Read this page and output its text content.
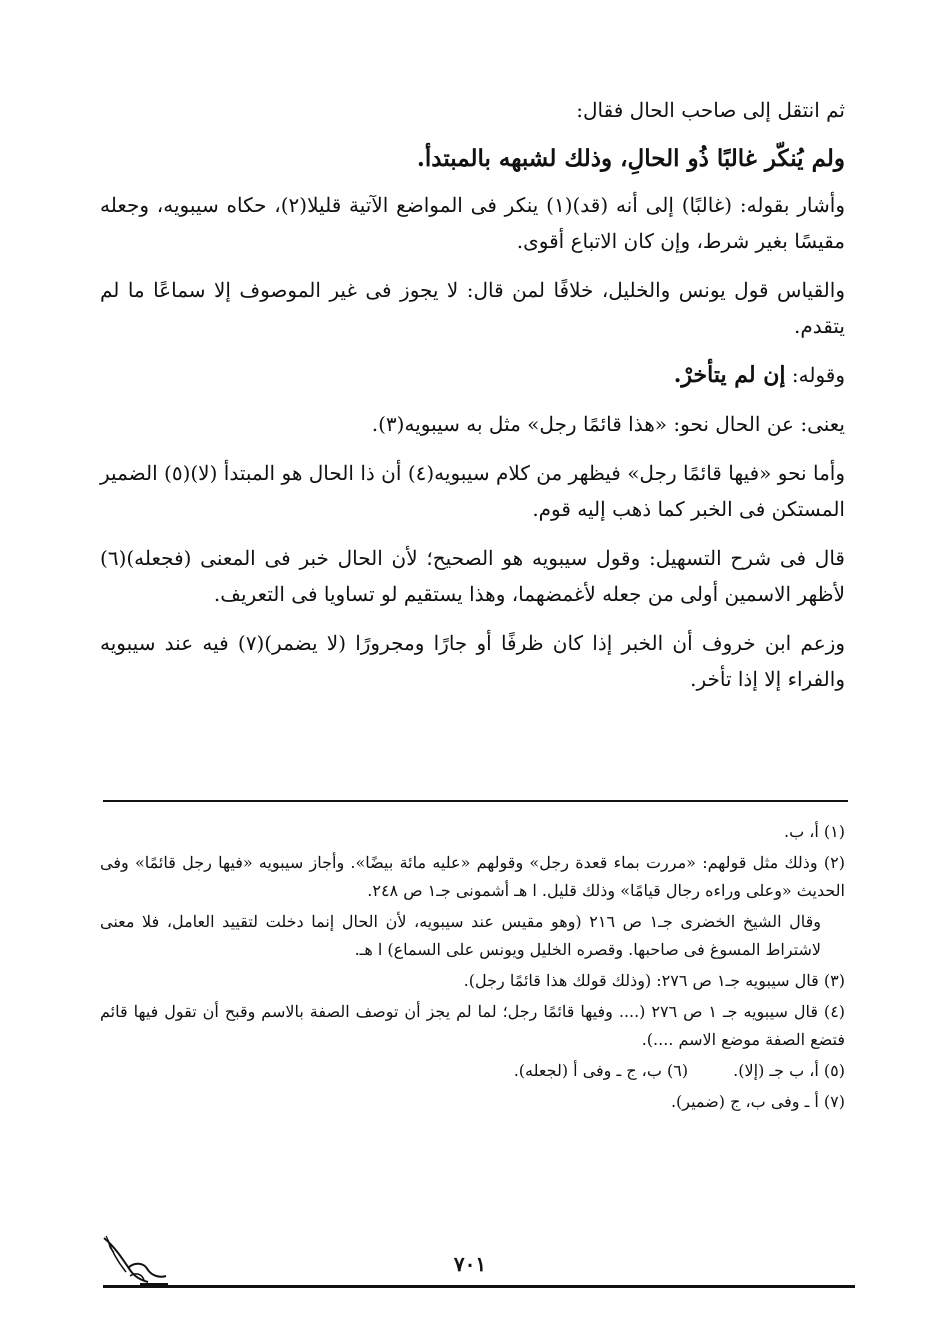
ثم انتقل إلى صاحب الحال فقال:

ولم يُنكّر غالبًا ذُو الحالِ، وذلك لشبهه بالمبتدأ.

وأشار بقوله: (غالبًا) إلى أنه (قد)(١) ينكر فى المواضع الآتية قليلا(٢)، حكاه سيبويه، وجعله مقيسًا بغير شرط، وإن كان الاتباع أقوى.

والقياس قول يونس والخليل، خلافًا لمن قال: لا يجوز فى غير الموصوف إلا سماعًا ما لم يتقدم.

وقوله: إن لم يتأخرْ.

يعنى: عن الحال نحو: «هذا قائمًا رجل» مثل به سيبويه(٣).

وأما نحو «فيها قائمًا رجل» فيظهر من كلام سيبويه(٤) أن ذا الحال هو المبتدأ (لا)(٥) الضمير المستكن فى الخبر كما ذهب إليه قوم.

قال فى شرح التسهيل: وقول سيبويه هو الصحيح؛ لأن الحال خبر فى المعنى (فجعله)(٦) لأظهر الاسمين أولى من جعله لأغمضهما، وهذا يستقيم لو تساويا فى التعريف.

وزعم ابن خروف أن الخبر إذا كان ظرفًا أو جارًا ومجرورًا (لا يضمر)(٧) فيه عند سيبويه والفراء إلا إذا تأخر.

(١) أ، ب.

(٢) وذلك مثل قولهم: «مررت بماء قعدة رجل» وقولهم «عليه مائة بيضًا». وأجاز سيبويه «فيها رجل قائمًا» وفى الحديث «وعلى وراءه رجال قيامًا» وذلك قليل. ا هـ أشمونى جـ١ ص ٢٤٨.

وقال الشيخ الخضرى جـ١ ص ٢١٦ (وهو مقيس عند سيبويه، لأن الحال إنما دخلت لتقييد العامل، فلا معنى لاشتراط المسوغ فى صاحبها. وقصره الخليل ويونس على السماع) ا هـ.

(٣) قال سيبويه جـ١ ص ٢٧٦: (وذلك قولك هذا قائمًا رجل).

(٤) قال سيبويه جـ ١ ص ٢٧٦ (.... وفيها قائمًا رجل؛ لما لم يجز أن توصف الصفة بالاسم وقبح أن تقول فيها قائم فتضع الصفة موضع الاسم ....).

(٥) أ، ب جـ (إلا). (٦) ب، ج ـ وفى أ (لجعله).

(٧) أ ـ وفى ب، ج (ضمير).

٧٠١
